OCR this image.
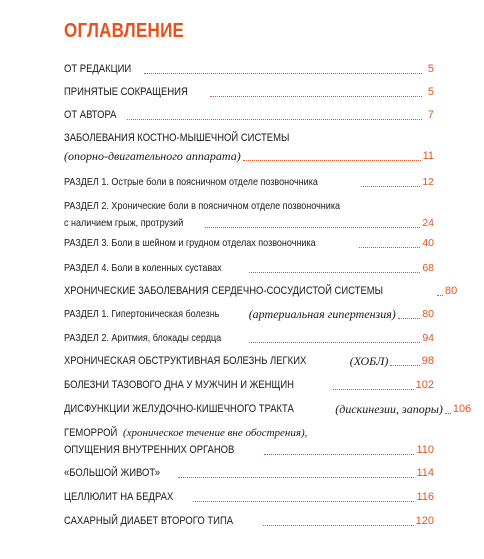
ОГЛАВЛЕНИЕ
ОТ РЕДАКЦИИ	5
ПРИНЯТЫЕ СОКРАЩЕНИЯ	5
ОТ АВТОРА	7
ЗАБОЛЕВАНИЯ КОСТНО-МЫШЕЧНОЙ СИСТЕМЫ
(опорно-двигательного аппарата)	11
РАЗДЕЛ 1. Острые боли в поясничном отделе позвоночника	12
РАЗДЕЛ 2. Хронические боли в поясничном отделе позвоночника
с наличием грыж, протрузий	24
РАЗДЕЛ 3. Боли в шейном и грудном отделах позвоночника	40
РАЗДЕЛ 4. Боли в коленных суставах	68
ХРОНИЧЕСКИЕ ЗАБОЛЕВАНИЯ СЕРДЕЧНО-СОСУДИСТОЙ СИСТЕМЫ	80
РАЗДЕЛ 1. Гипертоническая болезнь (артериальная гипертензия)	80
РАЗДЕЛ 2. Аритмия, блокады сердца	94
ХРОНИЧЕСКАЯ ОБСТРУКТИВНАЯ БОЛЕЗНЬ ЛЕГКИХ	(ХОБЛ)	98
БОЛЕЗНИ ТАЗОВОГО ДНА У МУЖЧИН И ЖЕНЩИН	102
ДИСФУНКЦИИ ЖЕЛУДОЧНО-КИШЕЧНОГО ТРАКТА	(дискинезии, запоры) 106
ГЕМОРРОЙ (хроническое течение вне обострения),
ОПУЩЕНИЯ ВНУТРЕННИХ ОРГАНОВ	110
«БОЛЬШОЙ ЖИВОТ»	114
ЦЕЛЛЮЛИТ НА БЕДРАХ	116
САХАРНЫЙ ДИАБЕТ ВТОРОГО ТИПА	120
